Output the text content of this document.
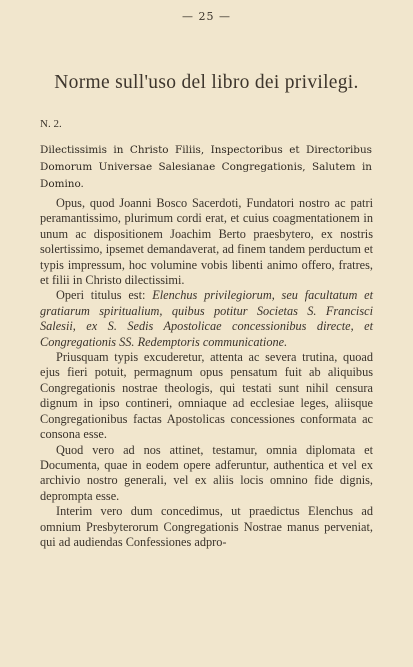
— 25 —
Norme sull'uso del libro dei privilegi.
N. 2.
Dilectissimis in Christo Filiis, Inspectoribus et Directoribus Domorum Universae Salesianae Congregationis, Salutem in Domino.

Opus, quod Joanni Bosco Sacerdoti, Fundatori nostro ac patri peramantissimo, plurimum cordi erat, et cuius coagmentationem in unum ac dispositionem Joachim Berto praesbytero, ex nostris solertissimo, ipsemet demandaverat, ad finem tandem perductum et typis impressum, hoc volumine vobis libenti animo offero, fratres, et filii in Christo dilectissimi.

Operi titulus est: Elenchus privilegiorum, seu facultatum et gratiarum spiritualium, quibus potitur Societas S. Francisci Salesii, ex S. Sedis Apostolicae concessionibus directe, et Congregationis SS. Redemptoris communicatione.

Priusquam typis excuderetur, attenta ac severa trutina, quoad ejus fieri potuit, permagnum opus pensatum fuit ab aliquibus Congregationis nostrae theologis, qui testati sunt nihil censura dignum in ipso contineri, omniaque ad ecclesiae leges, aliisque Congregationibus factas Apostolicas concessiones conformata ac consona esse.

Quod vero ad nos attinet, testamur, omnia diplomata et Documenta, quae in eodem opere adferuntur, authentica et vel ex archivio nostro generali, vel ex aliis locis omnino fide dignis, deprompta esse.

Interim vero dum concedimus, ut praedictus Elenchus ad omnium Presbyterorum Congregationis Nostrae manus perveniat, qui ad audiendas Confessiones adpro-
